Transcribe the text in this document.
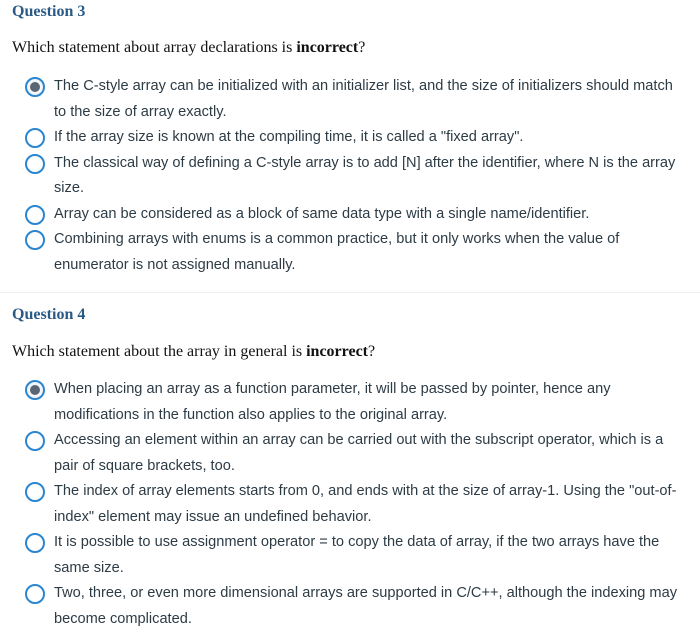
Question 3
Which statement about array declarations is incorrect?
The C-style array can be initialized with an initializer list, and the size of initializers should match to the size of array exactly.
If the array size is known at the compiling time, it is called a "fixed array".
The classical way of defining a C-style array is to add [N] after the identifier, where N is the array size.
Array can be considered as a block of same data type with a single name/identifier.
Combining arrays with enums is a common practice, but it only works when the value of enumerator is not assigned manually.
Question 4
Which statement about the array in general is incorrect?
When placing an array as a function parameter, it will be passed by pointer, hence any modifications in the function also applies to the original array.
Accessing an element within an array can be carried out with the subscript operator, which is a pair of square brackets, too.
The index of array elements starts from 0, and ends with at the size of array-1. Using the "out-of-index" element may issue an undefined behavior.
It is possible to use assignment operator = to copy the data of array, if the two arrays have the same size.
Two, three, or even more dimensional arrays are supported in C/C++, although the indexing may become complicated.
